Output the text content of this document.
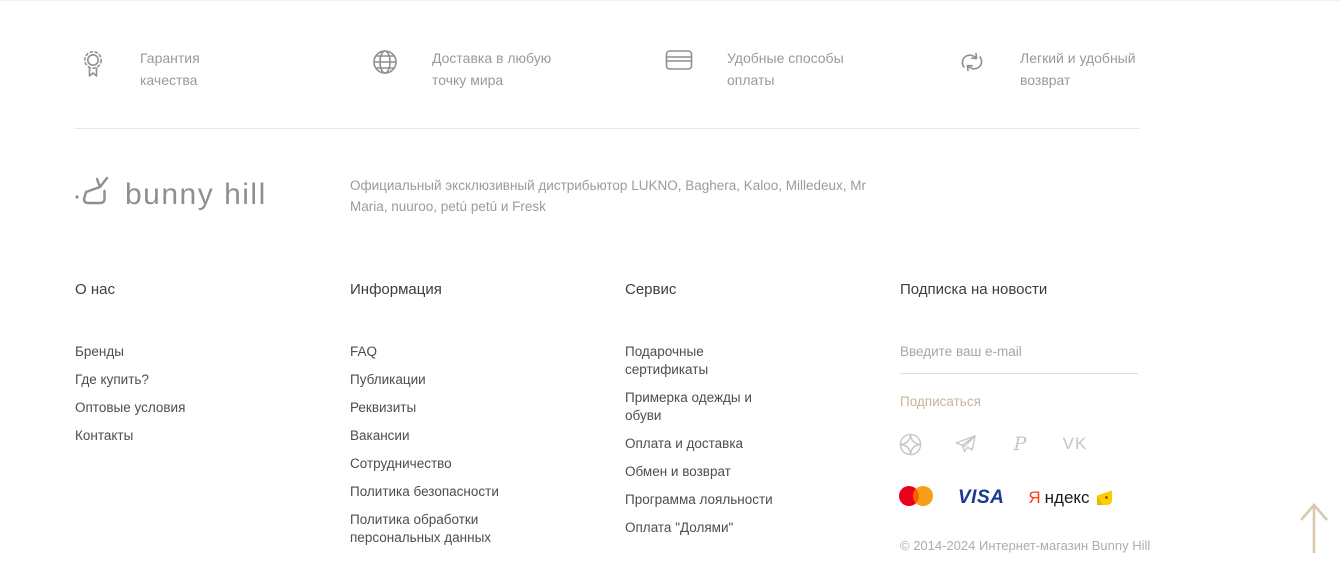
Гарантия качества
Доставка в любую точку мира
Удобные способы оплаты
Легкий и удобный возврат
bunny hill	Официальный эксклюзивный дистрибьютор LUKNO, Baghera, Kaloo, Milledeux, Mr Maria, nuuroo, petú petú и Fresk
О нас
Бренды
Где купить?
Оптовые условия
Контакты
Информация
FAQ
Публикации
Реквизиты
Вакансии
Сотрудничество
Политика безопасности
Политика обработки персональных данных
Сервис
Подарочные сертификаты
Примерка одежды и обуви
Оплата и доставка
Обмен и возврат
Программа лояльности
Оплата "Долями"
Подписка на новости
Введите ваш e-mail Подписаться
P VK
VISA Я ндекс
© 2014-2024 Интернет-магазин Bunny Hill
